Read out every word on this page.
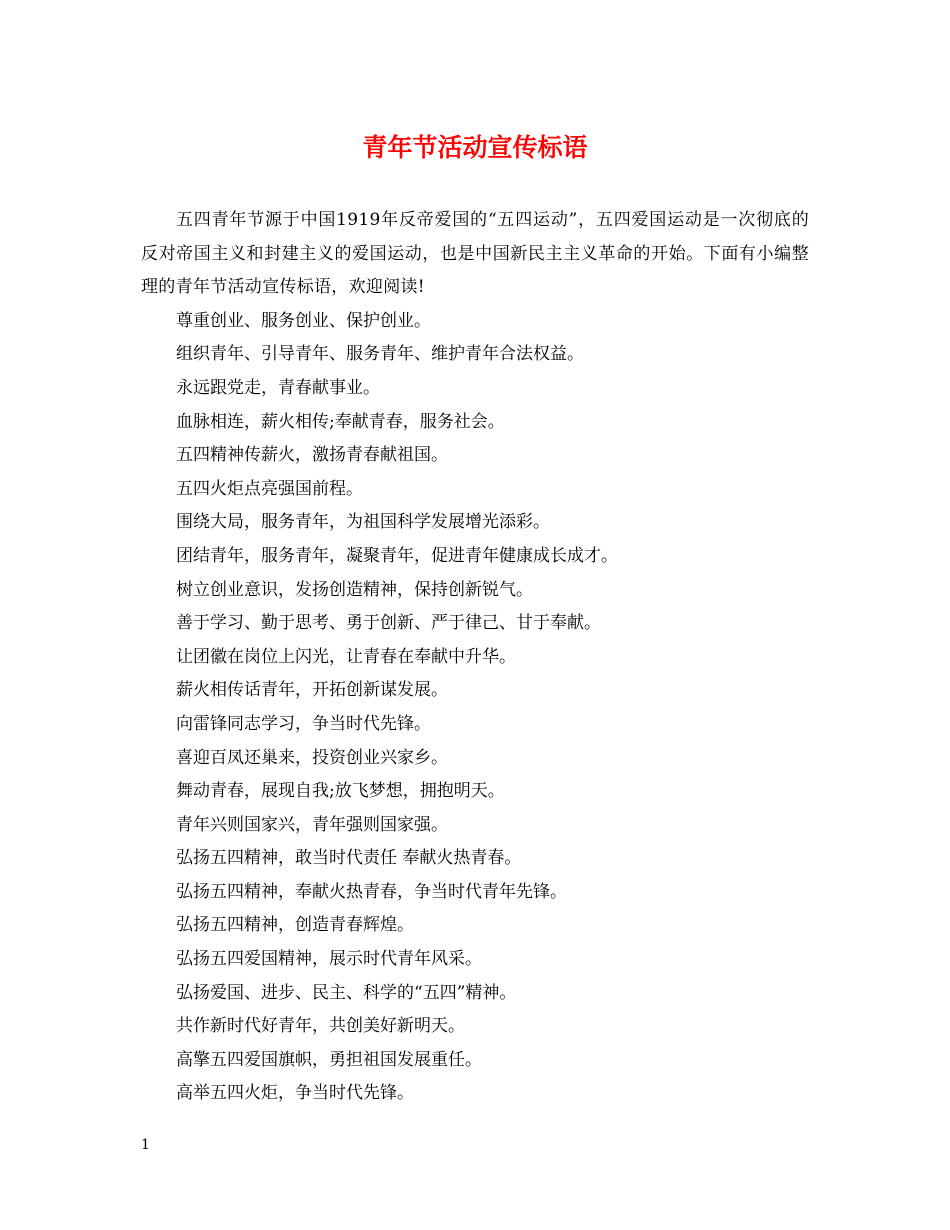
青年节活动宣传标语

五四青年节源于中国1919年反帝爱国的“五四运动”，五四爱国运动是一次彻底的反对帝国主义和封建主义的爱国运动，也是中国新民主主义革命的开始。下面有小编整理的青年节活动宣传标语，欢迎阅读!

尊重创业、服务创业、保护创业。
组织青年、引导青年、服务青年、维护青年合法权益。
永远跟党走，青春献事业。
血脉相连，薪火相传;奉献青春，服务社会。
五四精神传薪火，激扬青春献祖国。
五四火炬点亮强国前程。
围绕大局，服务青年，为祖国科学发展增光添彩。
团结青年，服务青年，凝聚青年，促进青年健康成长成才。
树立创业意识，发扬创造精神，保持创新锐气。
善于学习、勤于思考、勇于创新、严于律己、甘于奉献。
让团徽在岗位上闪光，让青春在奉献中升华。
薪火相传话青年，开拓创新谋发展。
向雷锋同志学习，争当时代先锋。
喜迎百凤还巢来，投资创业兴家乡。
舞动青春，展现自我;放飞梦想，拥抱明天。
青年兴则国家兴，青年强则国家强。
弘扬五四精神，敢当时代责任 奉献火热青春。
弘扬五四精神，奉献火热青春，争当时代青年先锋。
弘扬五四精神，创造青春辉煌。
弘扬五四爱国精神，展示时代青年风采。
弘扬爱国、进步、民主、科学的“五四”精神。
共作新时代好青年，共创美好新明天。
高擎五四爱国旗帜，勇担祖国发展重任。
高举五四火炬，争当时代先锋。
1
